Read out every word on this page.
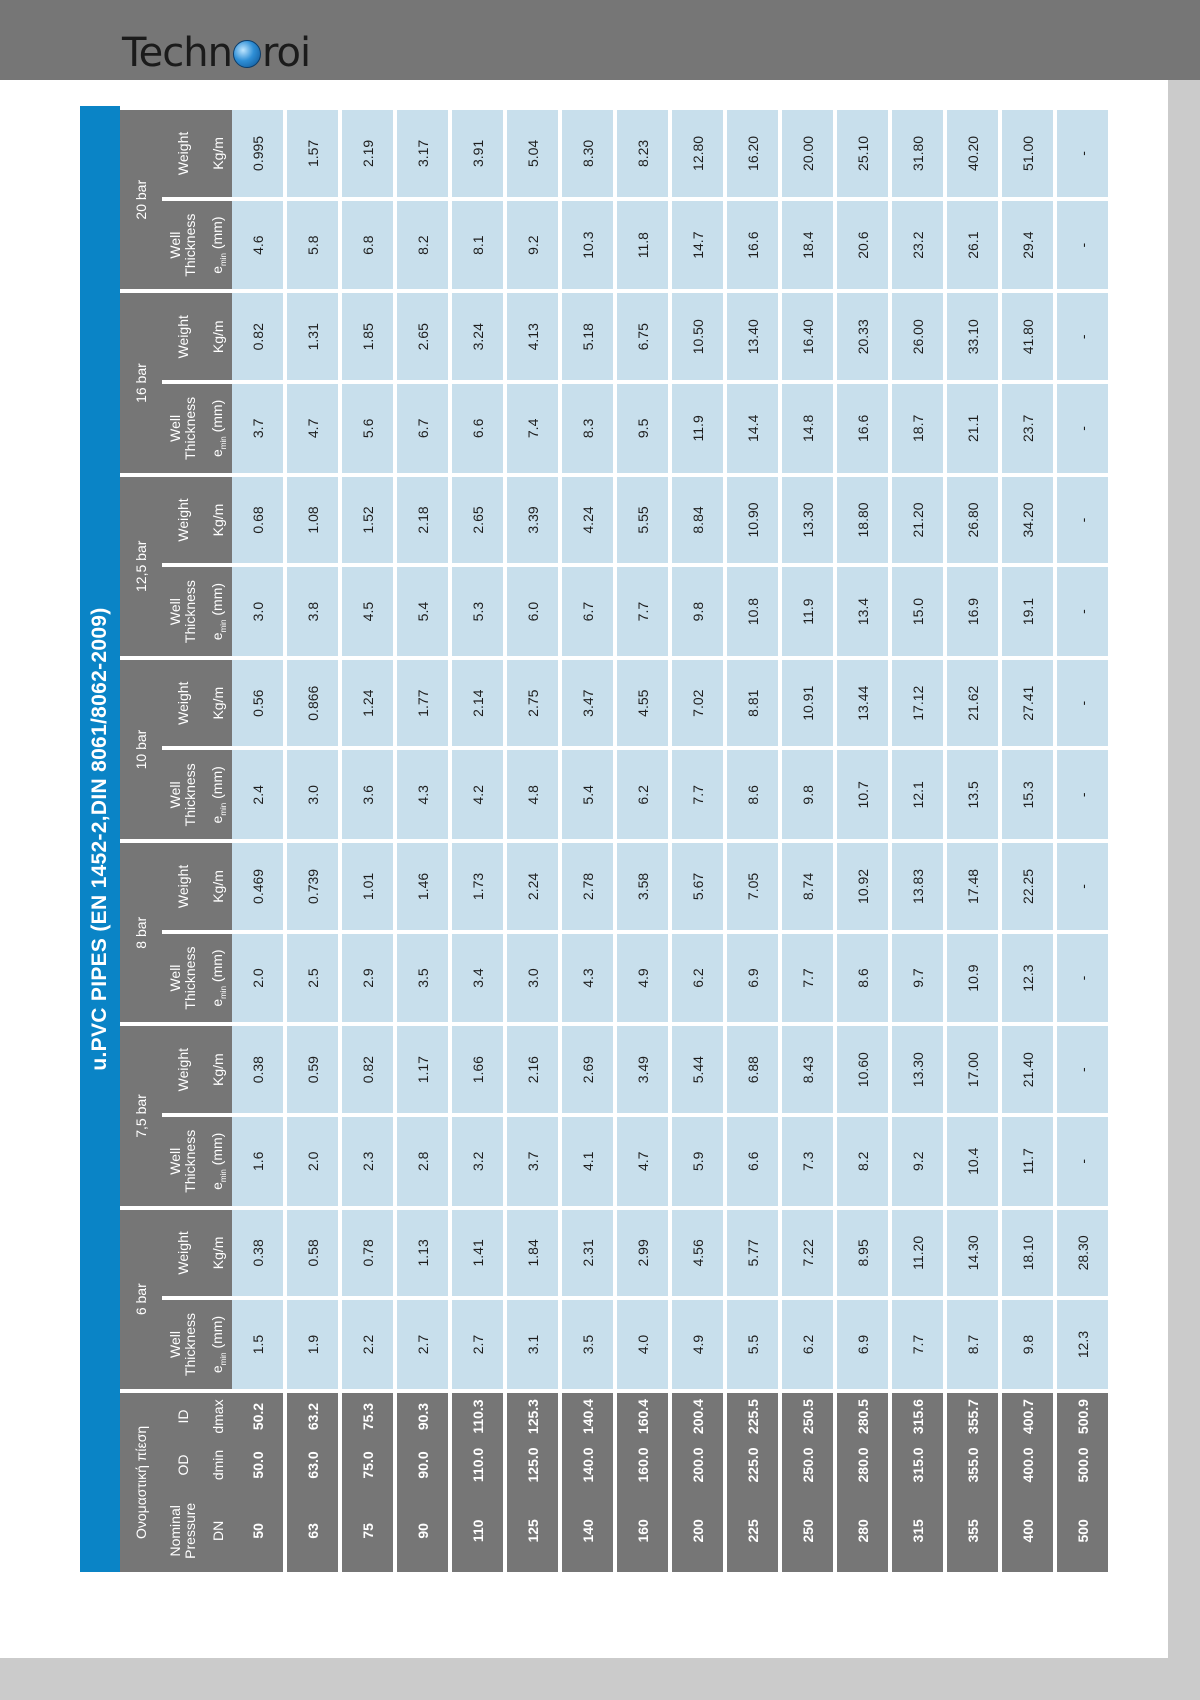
Techn roi
u.PVC PIPES (EN 1452-2,DIN 8061/8062-2009)
Ονομαστική πίεση			6 bar		7,5 bar		8 bar		10 bar		12,5 bar		16 bar		20 bar	
Nominal Pressure	OD	ID	Well Thickness	Weight	Well Thickness	Weight	Well Thickness	Weight	Well Thickness	Weight	Well Thickness	Weight	Well Thickness	Weight	Well Thickness	Weight
DN	dmin	dmax	$e_{min}$ (mm)	Kg/m	$e_{min}$ (mm)	Kg/m	$e_{min}$ (mm)	Kg/m	$e_{min}$ (mm)	Kg/m	$e_{min}$ (mm)	Kg/m	$e_{min}$ (mm)	Kg/m	$e_{min}$ (mm)	Kg/m
50	50.0	50.2	1.5	0.38	1.6	0.38	2.0	0.469	2.4	0.56	3.0	0.68	3.7	0.82	4.6	0.995
63	63.0	63.2	1.9	0.58	2.0	0.59	2.5	0.739	3.0	0.866	3.8	1.08	4.7	1.31	5.8	1.57
75	75.0	75.3	2.2	0.78	2.3	0.82	2.9	1.01	3.6	1.24	4.5	1.52	5.6	1.85	6.8	2.19
90	90.0	90.3	2.7	1.13	2.8	1.17	3.5	1.46	4.3	1.77	5.4	2.18	6.7	2.65	8.2	3.17
110	110.0	110.3	2.7	1.41	3.2	1.66	3.4	1.73	4.2	2.14	5.3	2.65	6.6	3.24	8.1	3.91
125	125.0	125.3	3.1	1.84	3.7	2.16	3.0	2.24	4.8	2.75	6.0	3.39	7.4	4.13	9.2	5.04
140	140.0	140.4	3.5	2.31	4.1	2.69	4.3	2.78	5.4	3.47	6.7	4.24	8.3	5.18	10.3	8.30
160	160.0	160.4	4.0	2.99	4.7	3.49	4.9	3.58	6.2	4.55	7.7	5.55	9.5	6.75	11.8	8.23
200	200.0	200.4	4.9	4.56	5.9	5.44	6.2	5.67	7.7	7.02	9.8	8.84	11.9	10.50	14.7	12.80
225	225.0	225.5	5.5	5.77	6.6	6.88	6.9	7.05	8.6	8.81	10.8	10.90	14.4	13.40	16.6	16.20
250	250.0	250.5	6.2	7.22	7.3	8.43	7.7	8.74	9.8	10.91	11.9	13.30	14.8	16.40	18.4	20.00
280	280.0	280.5	6.9	8.95	8.2	10.60	8.6	10.92	10.7	13.44	13.4	18.80	16.6	20.33	20.6	25.10
315	315.0	315.6	7.7	11.20	9.2	13.30	9.7	13.83	12.1	17.12	15.0	21.20	18.7	26.00	23.2	31.80
355	355.0	355.7	8.7	14.30	10.4	17.00	10.9	17.48	13.5	21.62	16.9	26.80	21.1	33.10	26.1	40.20
400	400.0	400.7	9.8	18.10	11.7	21.40	12.3	22.25	15.3	27.41	19.1	34.20	23.7	41.80	29.4	51.00
500	500.0	500.9	12.3	28.30	-	-	-	-	-	-	-	-	-	-	-	-
